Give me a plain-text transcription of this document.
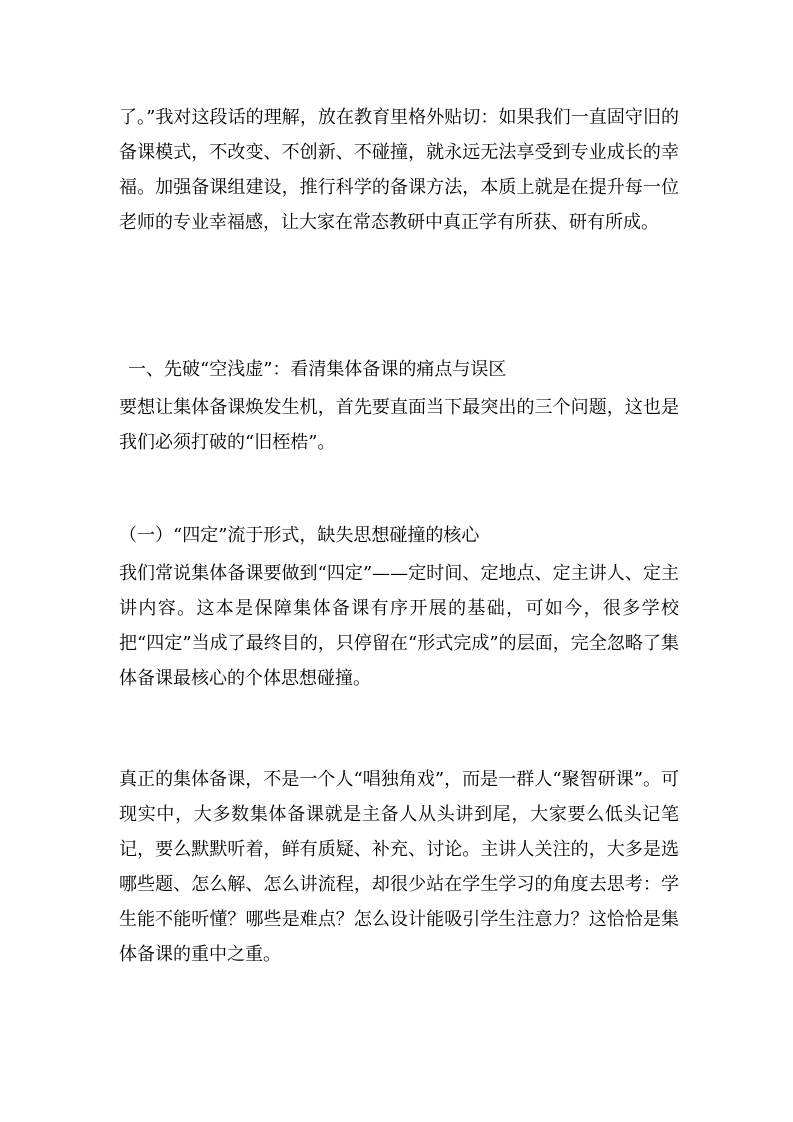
了。”我对这段话的理解，放在教育里格外贴切：如果我们一直固守旧的备课模式，不改变、不创新、不碰撞，就永远无法享受到专业成长的幸福。加强备课组建设，推行科学的备课方法，本质上就是在提升每一位老师的专业幸福感，让大家在常态教研中真正学有所获、研有所成。

一、先破“空浅虚”：看清集体备课的痛点与误区

要想让集体备课焕发生机，首先要直面当下最突出的三个问题，这也是我们必须打破的“旧桎梏”。

（一）“四定”流于形式，缺失思想碰撞的核心

我们常说集体备课要做到“四定”——定时间、定地点、定主讲人、定主讲内容。这本是保障集体备课有序开展的基础，可如今，很多学校把“四定”当成了最终目的，只停留在“形式完成”的层面，完全忽略了集体备课最核心的个体思想碰撞。

真正的集体备课，不是一个人“唱独角戏”，而是一群人“聚智研课”。可现实中，大多数集体备课就是主备人从头讲到尾，大家要么低头记笔记，要么默默听着，鲜有质疑、补充、讨论。主讲人关注的，大多是选哪些题、怎么解、怎么讲流程，却很少站在学生学习的角度去思考：学生能不能听懂？哪些是难点？怎么设计能吸引学生注意力？这恰恰是集体备课的重中之重。
